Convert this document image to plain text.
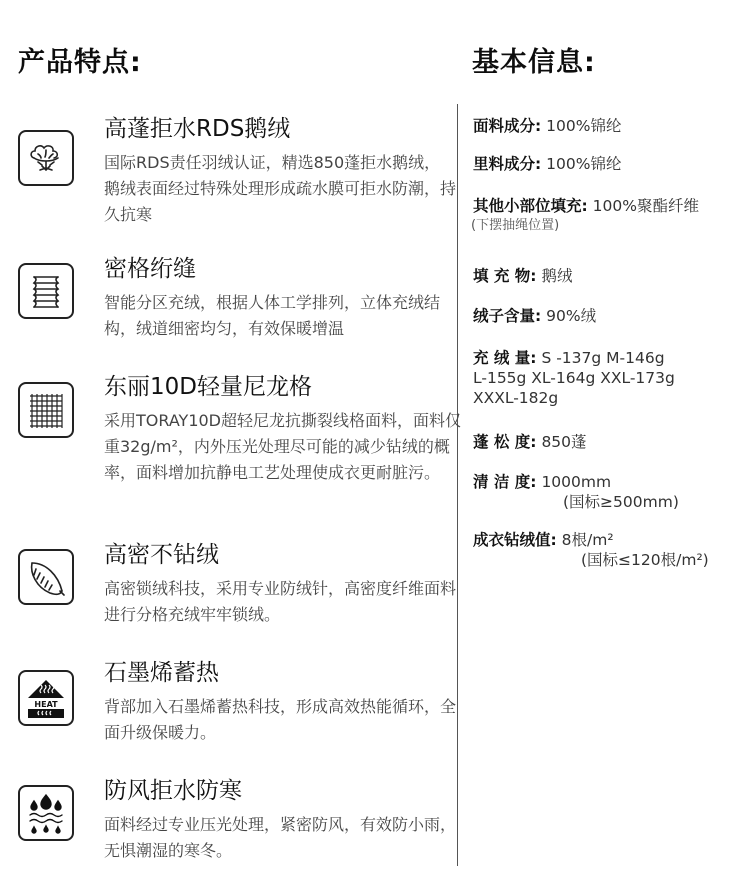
产品特点:	基本信息:
高蓬拒水RDS鹅绒

国际RDS责任羽绒认证，精选850蓬拒水鹅绒，鹅绒表面经过特殊处理形成疏水膜可拒水防潮，持久抗寒

密格绗缝

智能分区充绒，根据人体工学排列，立体充绒结构，绒道细密均匀，有效保暖增温

东丽10D轻量尼龙格

采用TORAY10D超轻尼龙抗撕裂线格面料，面料仅重32g/m²，内外压光处理尽可能的减少钻绒的概率，面料增加抗静电工艺处理使成衣更耐脏污。

高密不钻绒

高密锁绒科技，采用专业防绒针，高密度纤维面料进行分格充绒牢牢锁绒。

HEAT
石墨烯蓄热

背部加入石墨烯蓄热科技，形成高效热能循环，全面升级保暖力。

防风拒水防寒

面料经过专业压光处理，紧密防风，有效防小雨，无惧潮湿的寒冬。

面料成分: 100%锦纶
里料成分: 100%锦纶
其他小部位填充: 100%聚酯纤维
(下摆抽绳位置)
填 充 物: 鹅绒
绒子含量: 90%绒
充 绒 量: S -137g M-146g
L-155g XL-164g XXL-173g
XXXL-182g
蓬 松 度: 850蓬
清 洁 度: 1000mm
(国标≥500mm)
成衣钻绒值: 8根/m²
(国标≤120根/m²)
